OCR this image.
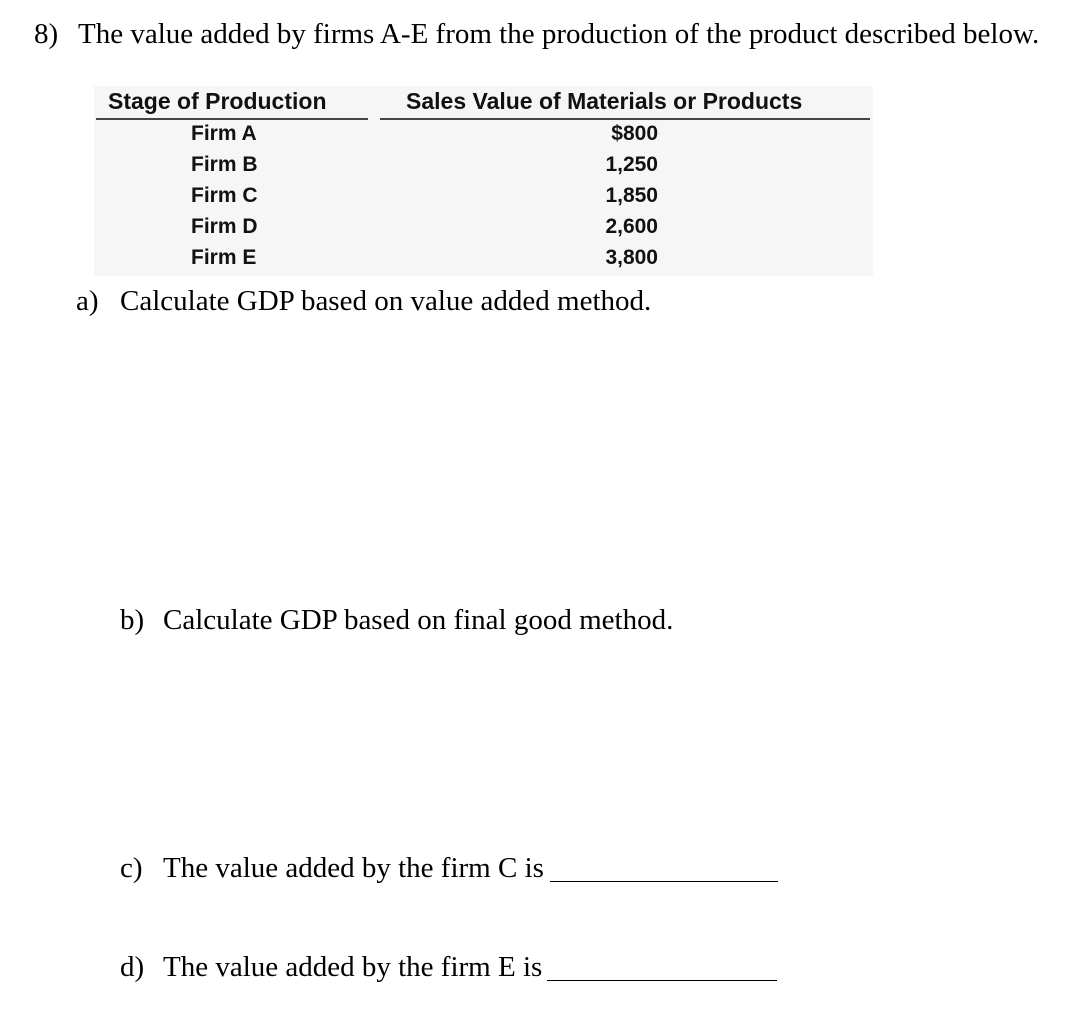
8) The value added by firms A-E from the production of the product described below.
Stage of Production	Sales Value of Materials or Products
Firm A	$800
Firm B	1,250
Firm C	1,850
Firm D	2,600
Firm E	3,800
a) Calculate GDP based on value added method.
b) Calculate GDP based on final good method.
c) The value added by the firm C is
d) The value added by the firm E is
